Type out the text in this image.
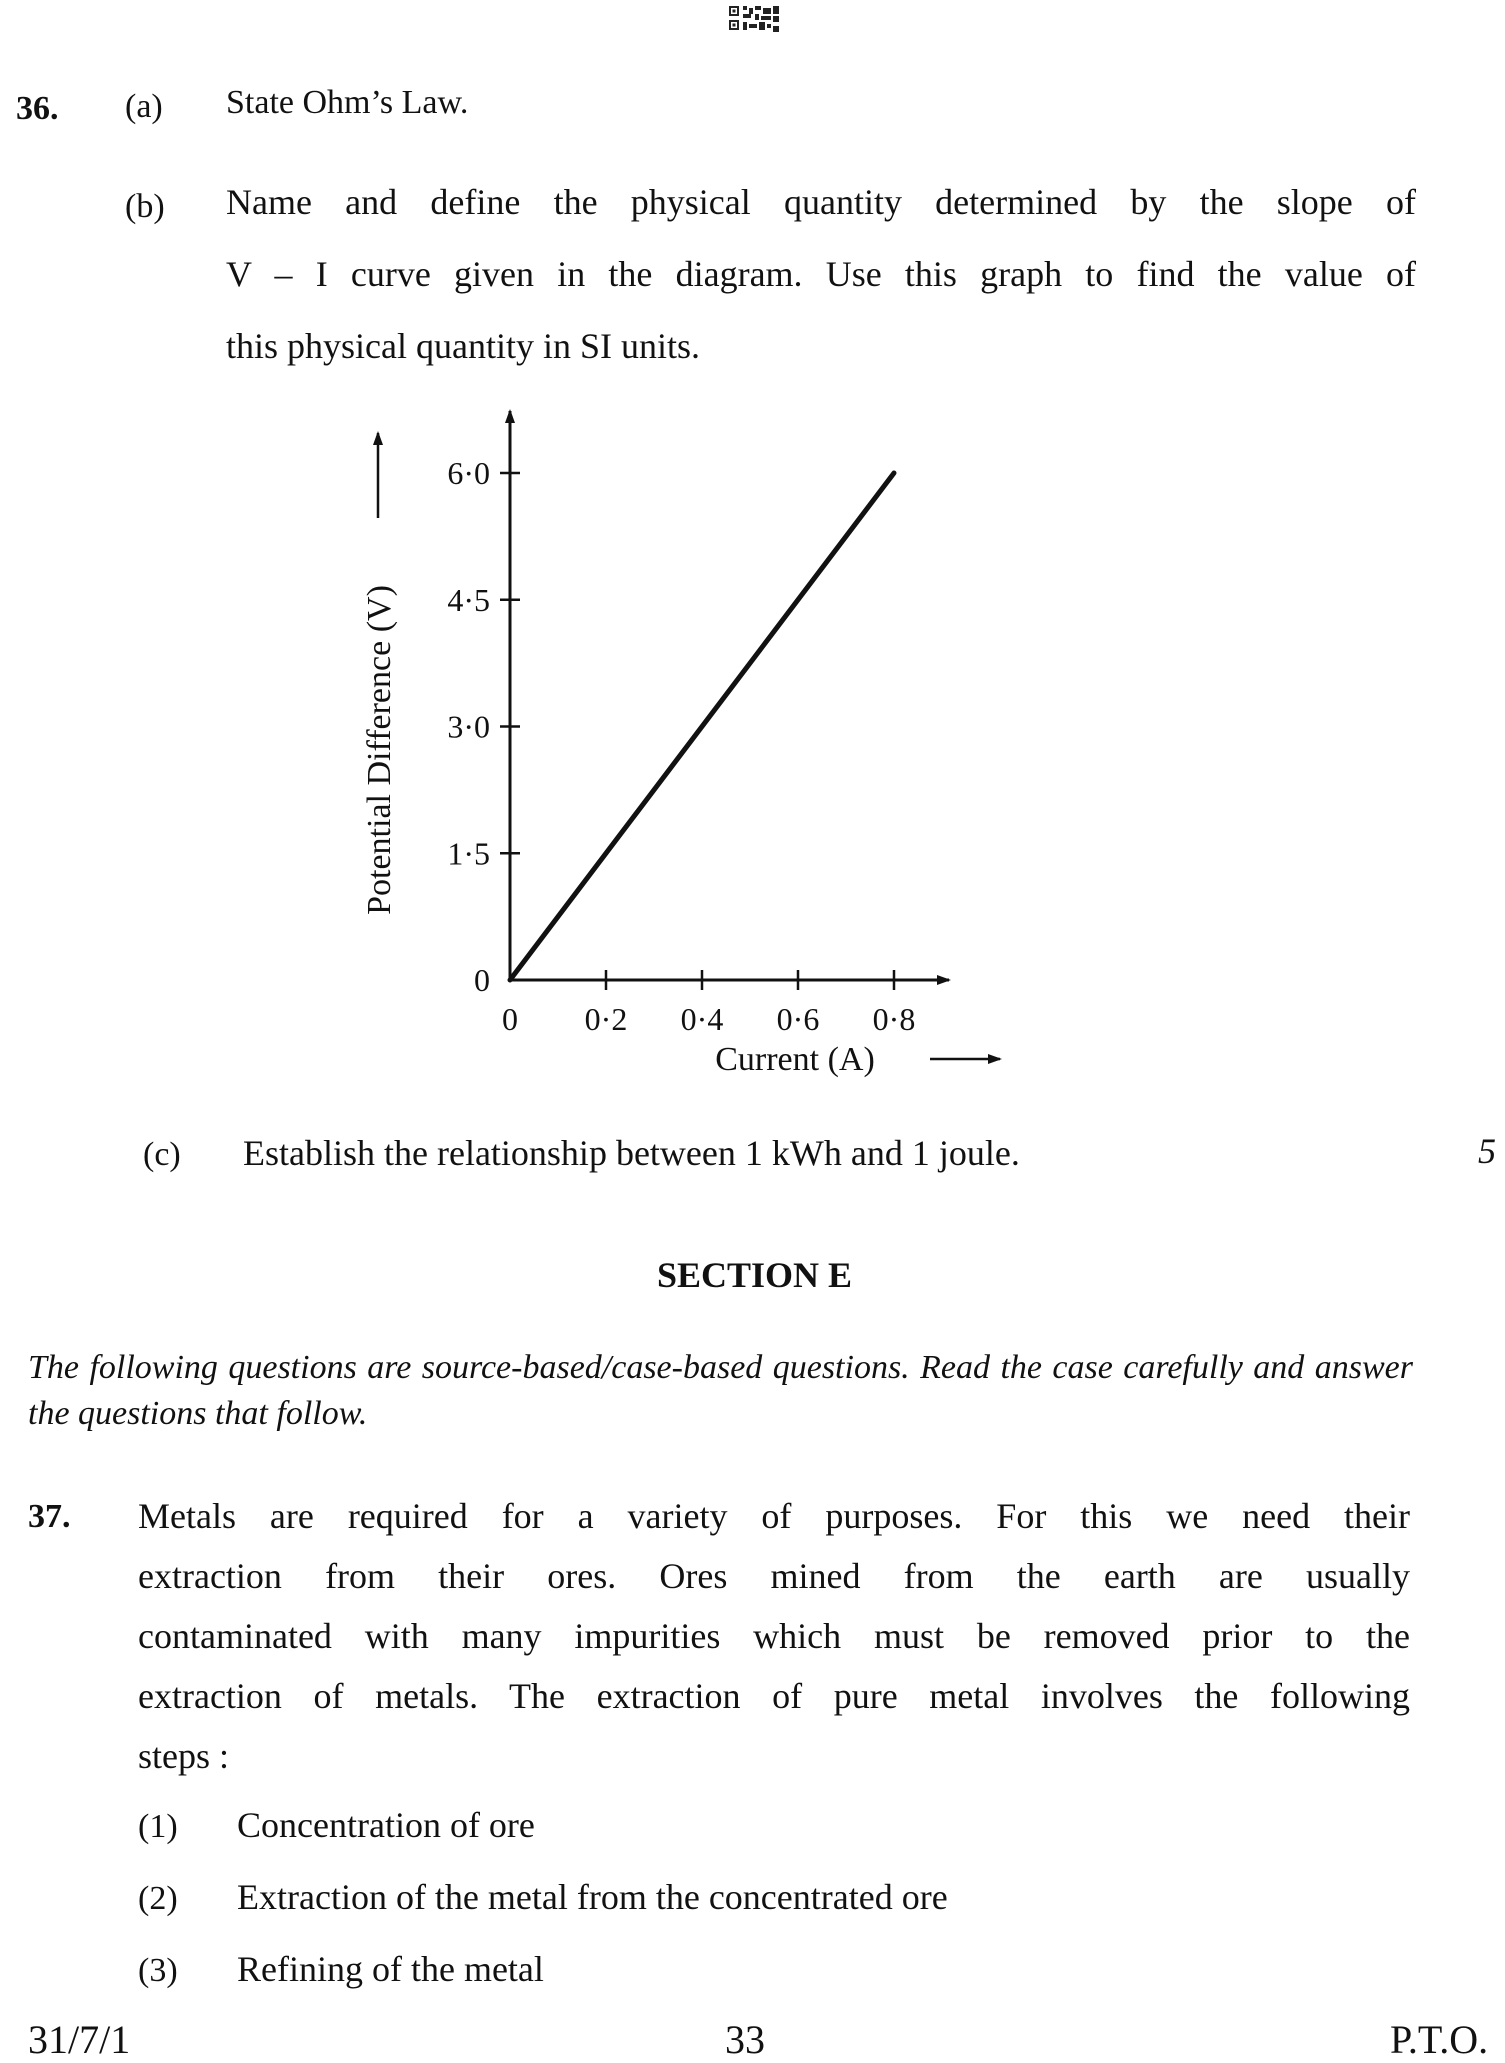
36. (a) State Ohm’s Law.
(b) Name and define the physical quantity determined by the slope of
V – I curve given in the diagram. Use this graph to find the value of
this physical quantity in SI units.
0 0·2 0·4 0·6 0·8
0
1·5
3·0
4·5
6·0
Current (A)
Potential Difference (V)
(c) Establish the relationship between 1 kWh and 1 joule.	5
SECTION E
The following questions are source-based/case-based questions. Read the case carefully and answer the questions that follow.
37. Metals are required for a variety of purposes. For this we need their
extraction from their ores. Ores mined from the earth are usually
contaminated with many impurities which must be removed prior to the
extraction of metals. The extraction of pure metal involves the following
steps :
(1) Concentration of ore
(2) Extraction of the metal from the concentrated ore
(3) Refining of the metal
31/7/1	33	P.T.O.
